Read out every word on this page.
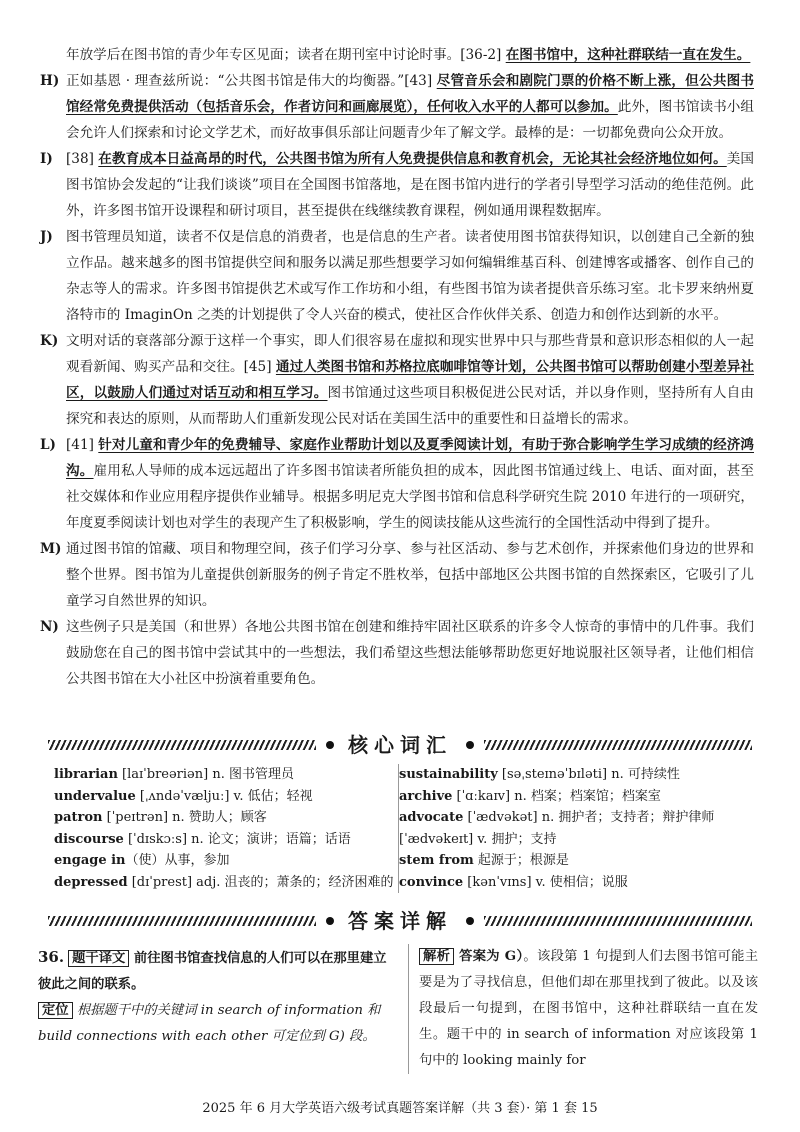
年放学后在图书馆的青少年专区见面；读者在期刊室中讨论时事。[36-2] 在图书馆中，这种社群联结一直在发生。

H) 正如基恩 · 理查兹所说：“公共图书馆是伟大的均衡器。”[43] 尽管音乐会和剧院门票的价格不断上涨，但公共图书馆经常免费提供活动（包括音乐会，作者访问和画廊展览），任何收入水平的人都可以参加。此外，图书馆读书小组会允许人们探索和讨论文学艺术，而好故事俱乐部让问题青少年了解文学。最棒的是：一切都免费向公众开放。

I) [38] 在教育成本日益高昂的时代，公共图书馆为所有人免费提供信息和教育机会，无论其社会经济地位如何。美国图书馆协会发起的“让我们谈谈”项目在全国图书馆落地，是在图书馆内进行的学者引导型学习活动的绝佳范例。此外，许多图书馆开设课程和研讨项目，甚至提供在线继续教育课程，例如通用课程数据库。

J) 图书管理员知道，读者不仅是信息的消费者，也是信息的生产者。读者使用图书馆获得知识，以创建自己全新的独立作品。越来越多的图书馆提供空间和服务以满足那些想要学习如何编辑维基百科、创建博客或播客、创作自己的杂志等人的需求。许多图书馆提供艺术或写作工作坊和小组，有些图书馆为读者提供音乐练习室。北卡罗来纳州夏洛特市的 ImaginOn 之类的计划提供了令人兴奋的模式，使社区合作伙伴关系、创造力和创作达到新的水平。

K) 文明对话的衰落部分源于这样一个事实，即人们很容易在虚拟和现实世界中只与那些背景和意识形态相似的人一起观看新闻、购买产品和交往。[45] 通过人类图书馆和苏格拉底咖啡馆等计划，公共图书馆可以帮助创建小型差异社区，以鼓励人们通过对话互动和相互学习。图书馆通过这些项目积极促进公民对话，并以身作则，坚持所有人自由探究和表达的原则，从而帮助人们重新发现公民对话在美国生活中的重要性和日益增长的需求。

L) [41] 针对儿童和青少年的免费辅导、家庭作业帮助计划以及夏季阅读计划，有助于弥合影响学生学习成绩的经济鸿沟。雇用私人导师的成本远远超出了许多图书馆读者所能负担的成本，因此图书馆通过线上、电话、面对面，甚至社交媒体和作业应用程序提供作业辅导。根据多明尼克大学图书馆和信息科学研究生院 2010 年进行的一项研究，年度夏季阅读计划也对学生的表现产生了积极影响，学生的阅读技能从这些流行的全国性活动中得到了提升。

M) 通过图书馆的馆藏、项目和物理空间，孩子们学习分享、参与社区活动、参与艺术创作，并探索他们身边的世界和整个世界。图书馆为儿童提供创新服务的例子肯定不胜枚举，包括中部地区公共图书馆的自然探索区，它吸引了儿童学习自然世界的知识。

N) 这些例子只是美国（和世界）各地公共图书馆在创建和维持牢固社区联系的许多令人惊奇的事情中的几件事。我们鼓励您在自己的图书馆中尝试其中的一些想法，我们希望这些想法能够帮助您更好地说服社区领导者，让他们相信公共图书馆在大小社区中扮演着重要角色。

核心词汇
librarian [laɪˈbreəriən] n. 图书管理员
undervalue [ˌʌndəˈvæljuː] v. 低估；轻视
patron [ˈpeɪtrən] n. 赞助人；顾客
discourse [ˈdɪskɔːs] n. 论文；演讲；语篇；话语
engage in（使）从事，参加
depressed [dɪˈprest] adj. 沮丧的；萧条的；经济困难的
sustainability [səˌsteɪnəˈbɪləti] n. 可持续性
archive [ˈɑːkaɪv] n. 档案；档案馆；档案室
advocate [ˈædvəkət] n. 拥护者；支持者；辩护律师
[ˈædvəkeɪt] v. 拥护；支持
stem from 起源于；根源是
convince [kənˈvɪns] v. 使相信；说服
答案详解

36. 题干译文 前往图书馆查找信息的人们可以在那里建立彼此之间的联系。

定位 根据题干中的关键词 in search of information 和 build connections with each other 可定位到 G) 段。

解析 答案为 G）。该段第 1 句提到人们去图书馆可能主要是为了寻找信息，但他们却在那里找到了彼此。以及该段最后一句提到，在图书馆中，这种社群联结一直在发生。题干中的 in search of information 对应该段第 1 句中的 looking mainly for

2025 年 6 月大学英语六级考试真题答案详解（共 3 套）· 第 1 套 15
